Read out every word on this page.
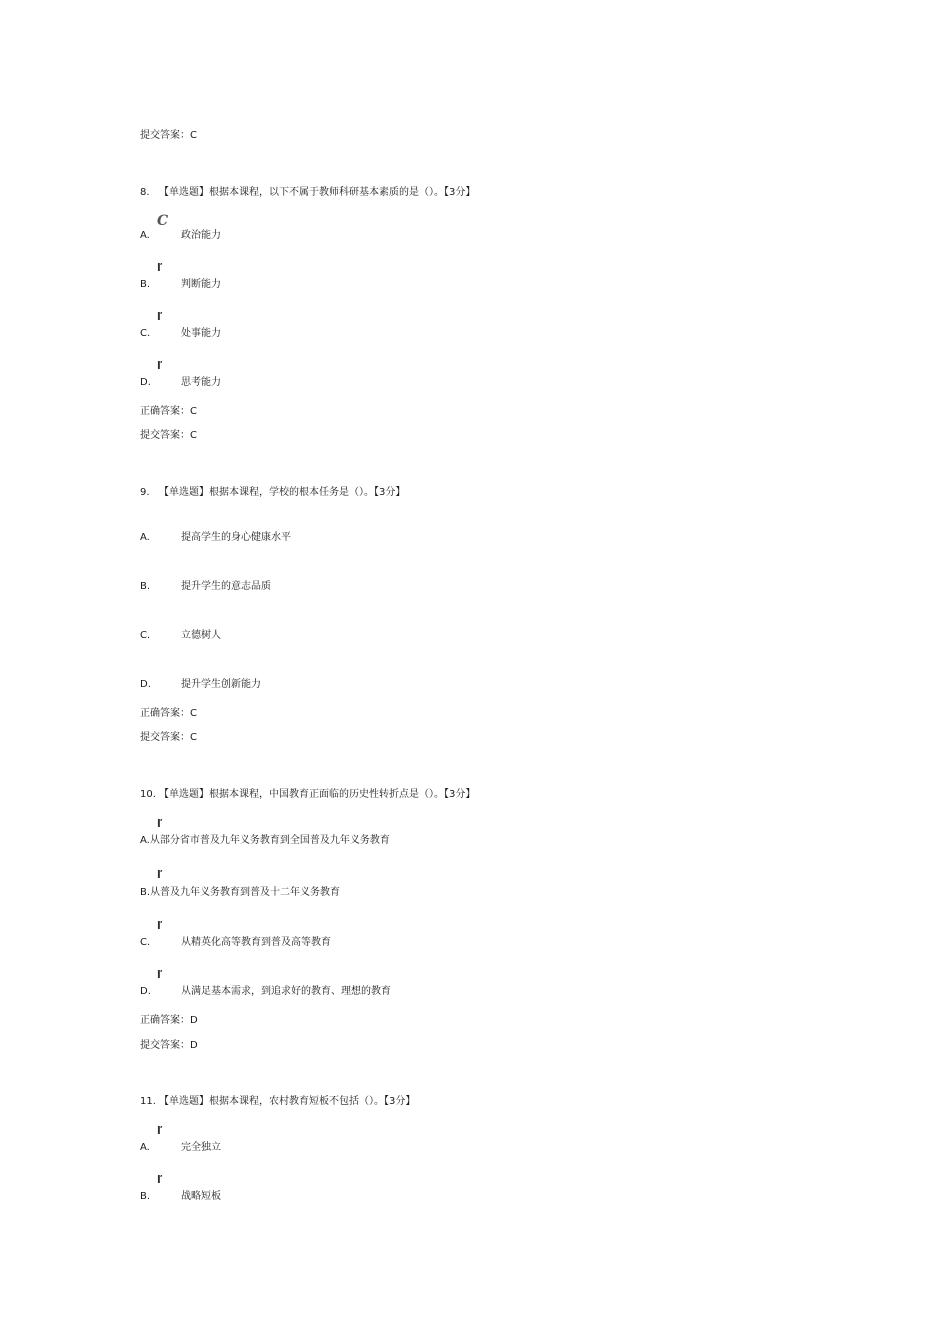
提交答案：C
8. 【单选题】根据本课程，以下不属于教师科研基本素质的是（）。【3分】
C
A.	政治能力
ľ
B.	判断能力
ľ
C.	处事能力
ľ
D.	思考能力
正确答案：C
提交答案：C
9. 【单选题】根据本课程，学校的根本任务是（）。【3分】
A.	提高学生的身心健康水平
B.	提升学生的意志品质
C.	立德树人
D.	提升学生创新能力
正确答案：C
提交答案：C
10. 【单选题】根据本课程，中国教育正面临的历史性转折点是（）。【3分】
ľ
A.从部分省市普及九年义务教育到全国普及九年义务教育
ľ
B.从普及九年义务教育到普及十二年义务教育
ľ
C.	从精英化高等教育到普及高等教育
ľ
D.	从满足基本需求，到追求好的教育、理想的教育
正确答案：D
提交答案：D
11. 【单选题】根据本课程，农村教育短板不包括（）。【3分】
ľ
A.	完全独立
ľ
B.	战略短板
